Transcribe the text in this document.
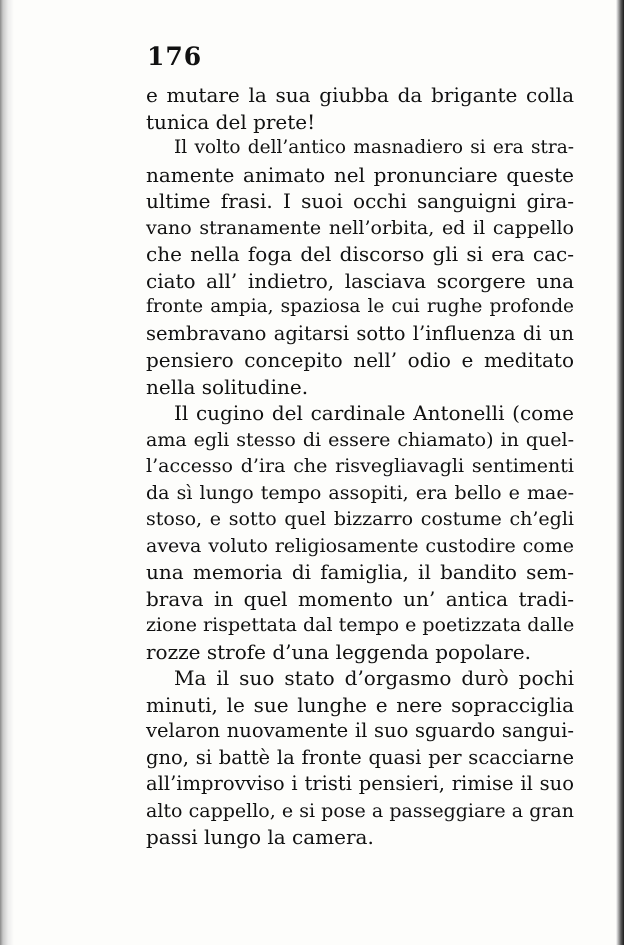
176
e mutare la sua giubba da brigante colla
tunica del prete!
Il volto dell’antico masnadiero si era stra-
namente animato nel pronunciare queste
ultime frasi. I suoi occhi sanguigni gira-
vano stranamente nell’orbita, ed il cappello
che nella foga del discorso gli si era cac-
ciato all’ indietro, lasciava scorgere una
fronte ampia, spaziosa le cui rughe profonde
sembravano agitarsi sotto l’influenza di un
pensiero concepito nell’ odio e meditato
nella solitudine.
Il cugino del cardinale Antonelli (come
ama egli stesso di essere chiamato) in quel-
l’accesso d’ira che risvegliavagli sentimenti
da sì lungo tempo assopiti, era bello e mae-
stoso, e sotto quel bizzarro costume ch’egli
aveva voluto religiosamente custodire come
una memoria di famiglia, il bandito sem-
brava in quel momento un’ antica tradi-
zione rispettata dal tempo e poetizzata dalle
rozze strofe d’una leggenda popolare.
Ma il suo stato d’orgasmo durò pochi
minuti, le sue lunghe e nere sopracciglia
velaron nuovamente il suo sguardo sangui-
gno, si battè la fronte quasi per scacciarne
all’improvviso i tristi pensieri, rimise il suo
alto cappello, e si pose a passeggiare a gran
passi lungo la camera.
